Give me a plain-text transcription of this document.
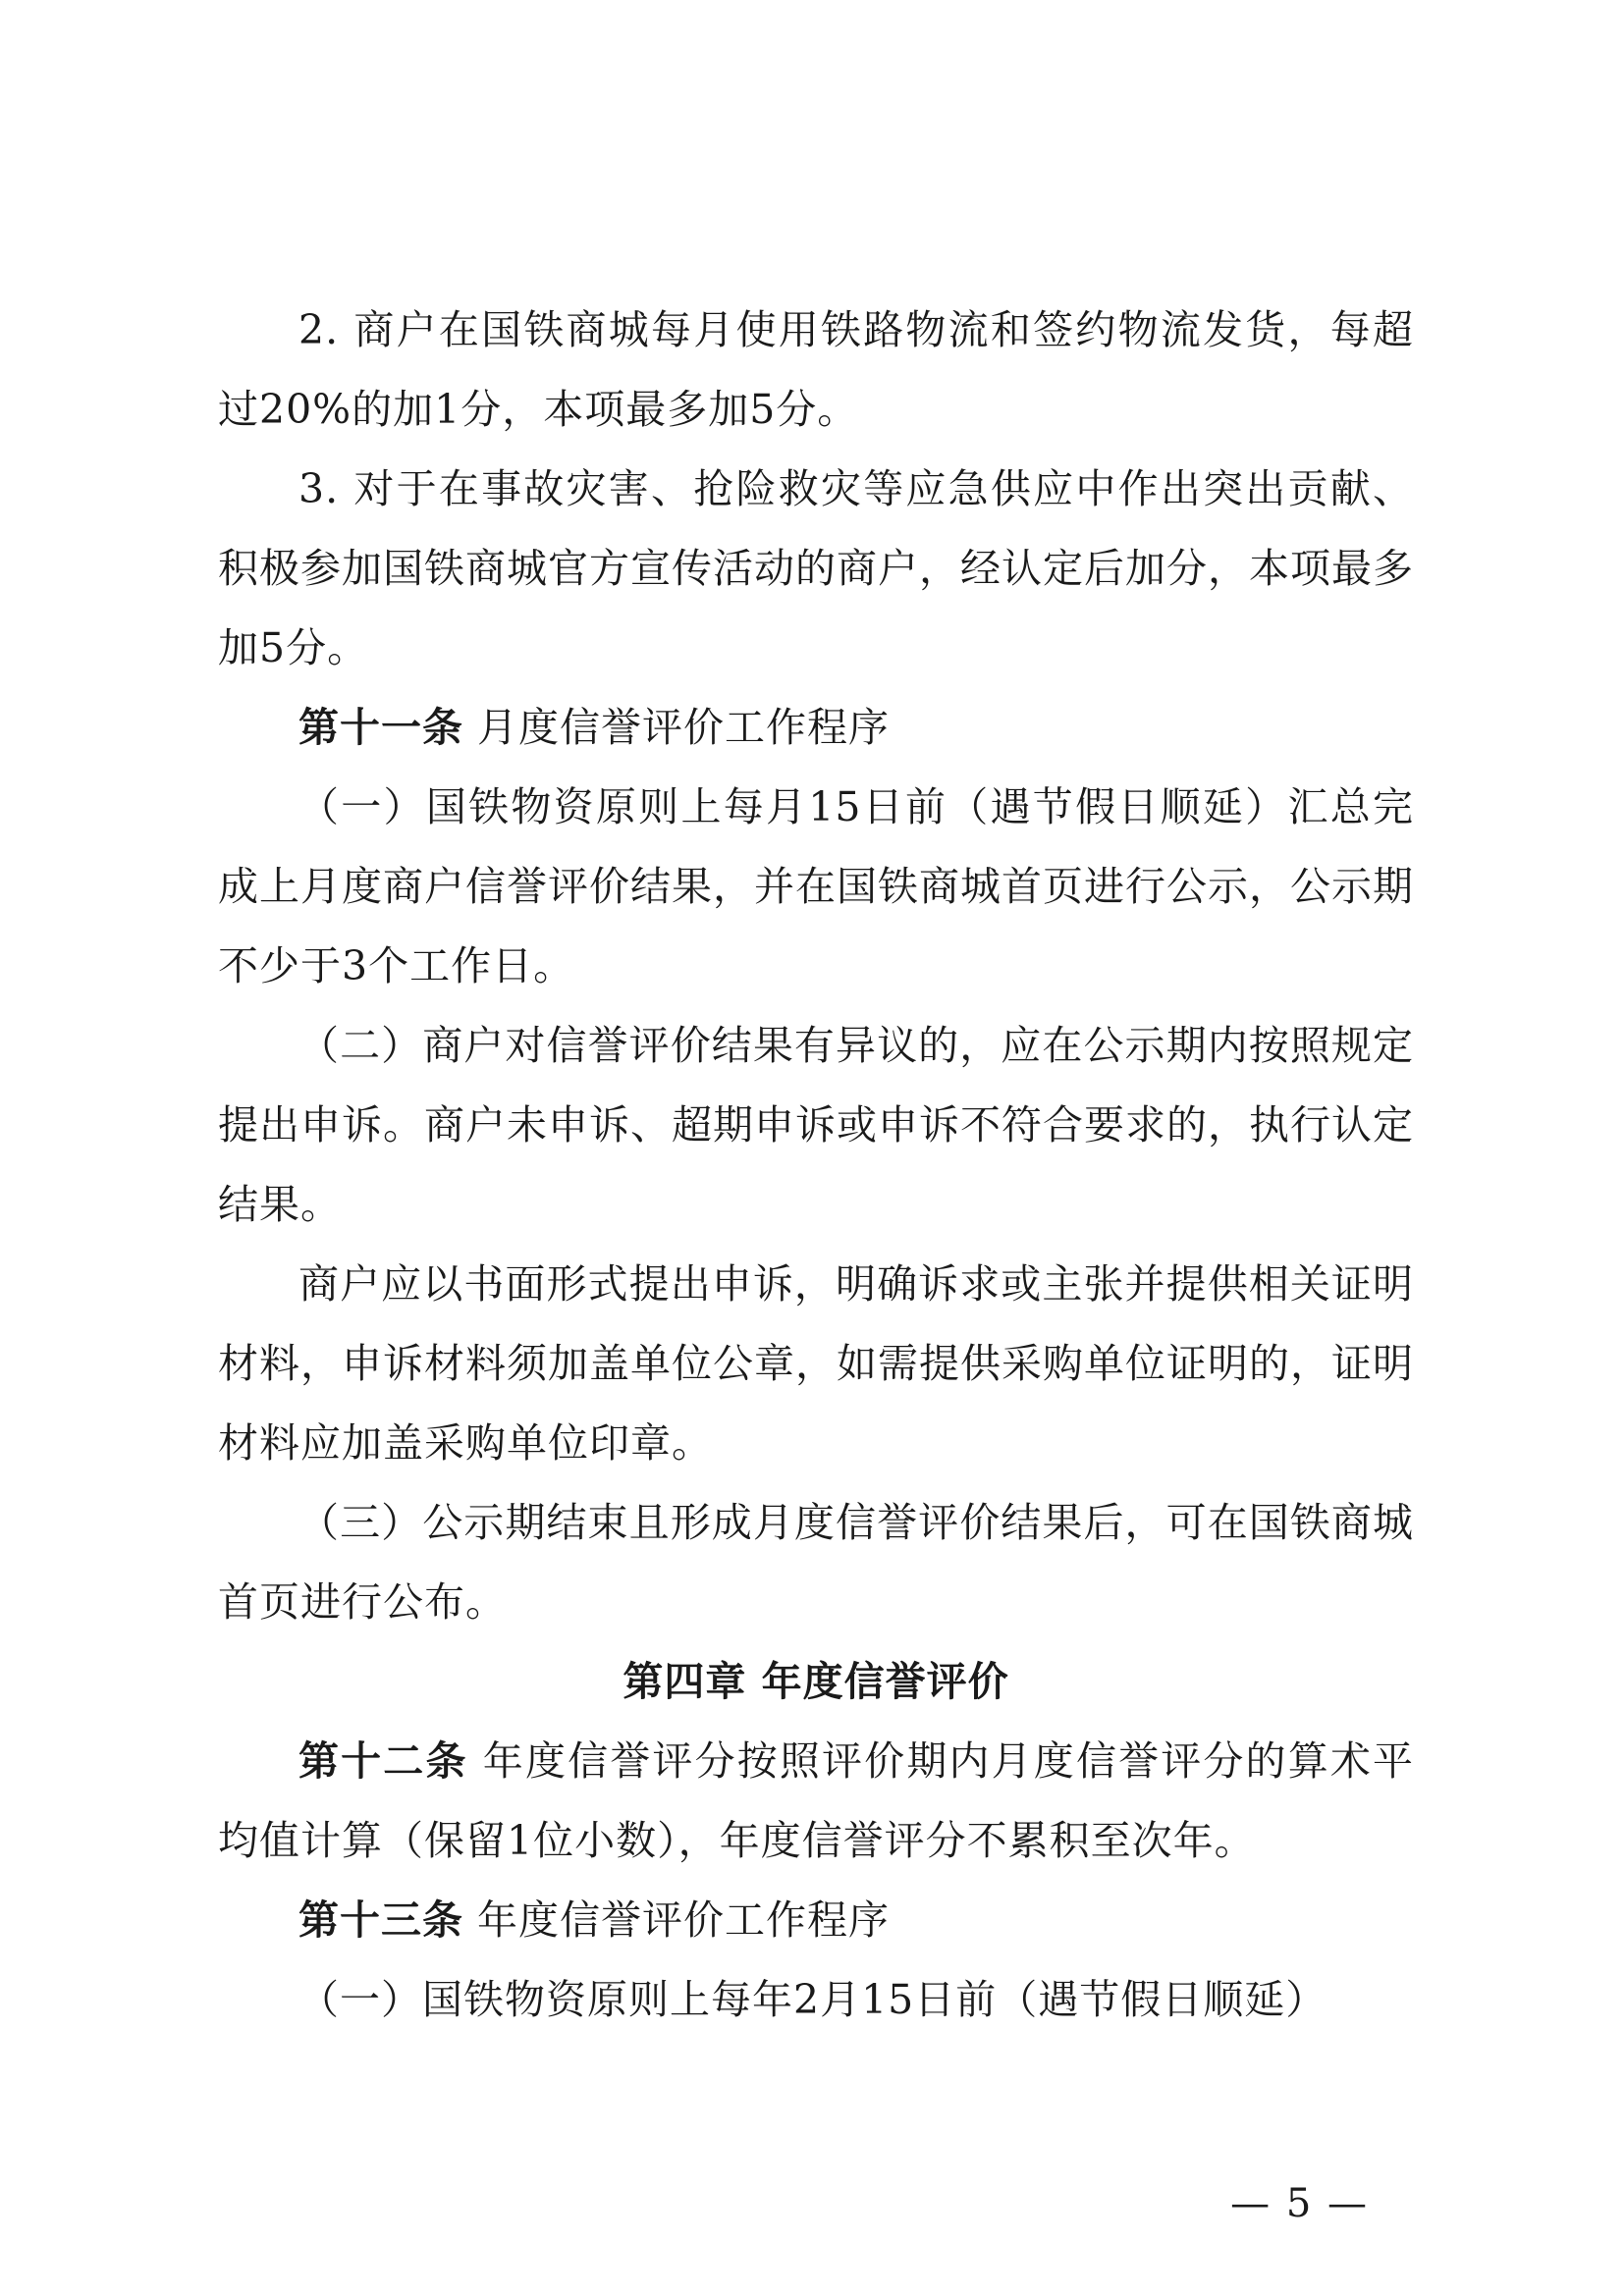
2. 商户在国铁商城每月使用铁路物流和签约物流发货，每超过20%的加1分，本项最多加5分。

3. 对于在事故灾害、抢险救灾等应急供应中作出突出贡献、积极参加国铁商城官方宣传活动的商户，经认定后加分，本项最多加5分。

第十一条 月度信誉评价工作程序

（一）国铁物资原则上每月15日前（遇节假日顺延）汇总完成上月度商户信誉评价结果，并在国铁商城首页进行公示，公示期不少于3个工作日。

（二）商户对信誉评价结果有异议的，应在公示期内按照规定提出申诉。商户未申诉、超期申诉或申诉不符合要求的，执行认定结果。

商户应以书面形式提出申诉，明确诉求或主张并提供相关证明材料，申诉材料须加盖单位公章，如需提供采购单位证明的，证明材料应加盖采购单位印章。

（三）公示期结束且形成月度信誉评价结果后，可在国铁商城首页进行公布。

第四章 年度信誉评价

第十二条 年度信誉评分按照评价期内月度信誉评分的算术平均值计算（保留1位小数），年度信誉评分不累积至次年。

第十三条 年度信誉评价工作程序

（一）国铁物资原则上每年2月15日前（遇节假日顺延）

— 5 —
